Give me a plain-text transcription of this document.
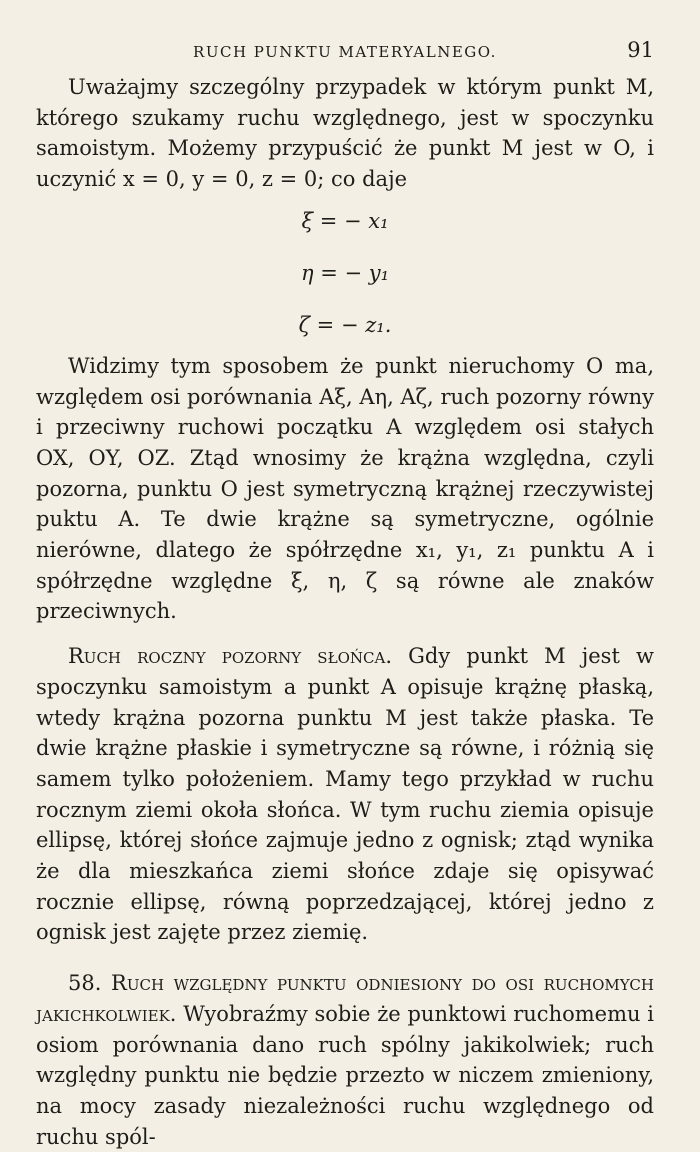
RUCH PUNKTU MATERYALNEGO.	91

Uważajmy szczególny przypadek w którym punkt M, którego szukamy ruchu względnego, jest w spoczynku samoistym. Możemy przypuścić że punkt M jest w O, i uczynić x = 0, y = 0, z = 0; co daje

ξ = − x₁
η = − y₁
ζ = − z₁.

Widzimy tym sposobem że punkt nieruchomy O ma, względem osi porównania Aξ, Aη, Aζ, ruch pozorny równy i przeciwny ruchowi początku A względem osi stałych OX, OY, OZ. Ztąd wnosimy że krążna względna, czyli pozorna, punktu O jest symetryczną krążnej rzeczywistej puktu A. Te dwie krążne są symetryczne, ogólnie nierówne, dlatego że spółrzędne x₁, y₁, z₁ punktu A i spółrzędne względne ξ, η, ζ są równe ale znaków przeciwnych.

Ruch roczny pozorny słońca. Gdy punkt M jest w spoczynku samoistym a punkt A opisuje krążnę płaską, wtedy krążna pozorna punktu M jest także płaska. Te dwie krążne płaskie i symetryczne są równe, i różnią się samem tylko położeniem. Mamy tego przykład w ruchu rocznym ziemi okoła słońca. W tym ruchu ziemia opisuje ellipsę, której słońce zajmuje jedno z ognisk; ztąd wynika że dla mieszkańca ziemi słońce zdaje się opisywać rocznie ellipsę, równą poprzedzającej, której jedno z ognisk jest zajęte przez ziemię.

58. Ruch względny punktu odniesiony do osi ruchomych jakichkolwiek. Wyobraźmy sobie że punktowi ruchomemu i osiom porównania dano ruch spólny jakikolwiek; ruch względny punktu nie będzie przezto w niczem zmieniony, na mocy zasady niezależności ruchu względnego od ruchu spól-
